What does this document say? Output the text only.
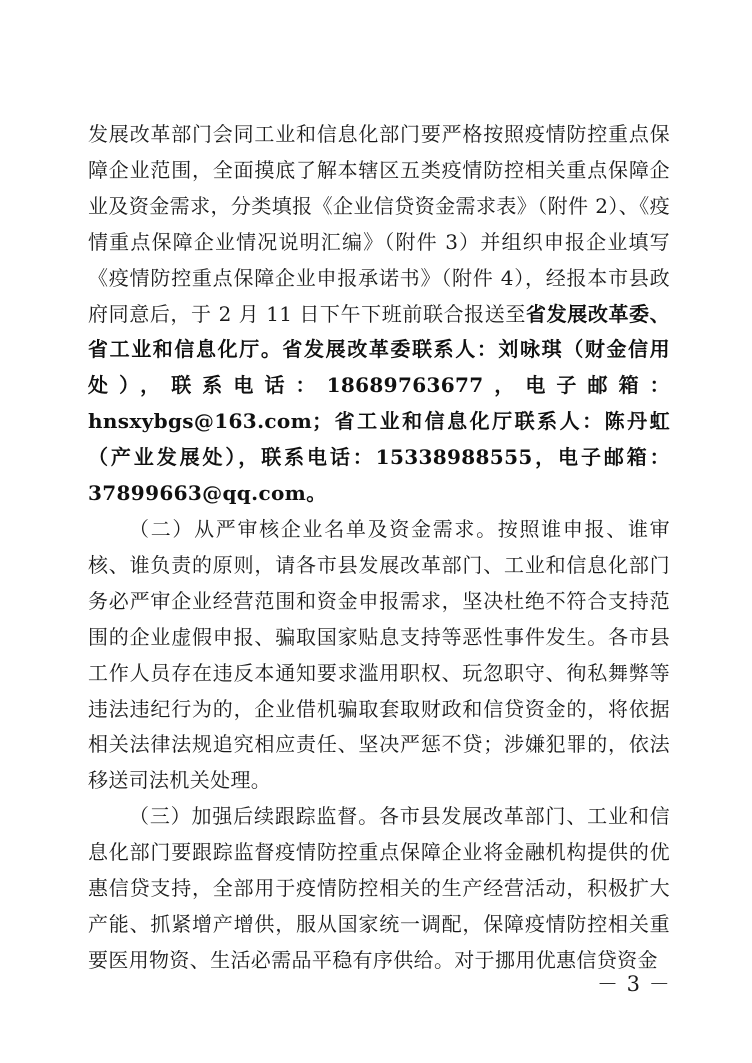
发展改革部门会同工业和信息化部门要严格按照疫情防控重点保障企业范围，全面摸底了解本辖区五类疫情防控相关重点保障企业及资金需求，分类填报《企业信贷资金需求表》（附件 2）、《疫情重点保障企业情况说明汇编》（附件 3）并组织申报企业填写《疫情防控重点保障企业申报承诺书》（附件 4），经报本市县政府同意后，于 2 月 11 日下午下班前联合报送至省发展改革委、省工业和信息化厅。省发展改革委联系人：刘咏琪（财金信用处），联系电话：18689763677，电子邮箱：hnsxybgs@163.com；省工业和信息化厅联系人：陈丹虹（产业发展处），联系电话：15338988555，电子邮箱：37899663@qq.com。

（二）从严审核企业名单及资金需求。按照谁申报、谁审核、谁负责的原则，请各市县发展改革部门、工业和信息化部门务必严审企业经营范围和资金申报需求，坚决杜绝不符合支持范围的企业虚假申报、骗取国家贴息支持等恶性事件发生。各市县工作人员存在违反本通知要求滥用职权、玩忽职守、徇私舞弊等违法违纪行为的，企业借机骗取套取财政和信贷资金的，将依据相关法律法规追究相应责任、坚决严惩不贷；涉嫌犯罪的，依法移送司法机关处理。

（三）加强后续跟踪监督。各市县发展改革部门、工业和信息化部门要跟踪监督疫情防控重点保障企业将金融机构提供的优惠信贷支持，全部用于疫情防控相关的生产经营活动，积极扩大产能、抓紧增产增供，服从国家统一调配，保障疫情防控相关重要医用物资、生活必需品平稳有序供给。对于挪用优惠信贷资金

－ 3 －
